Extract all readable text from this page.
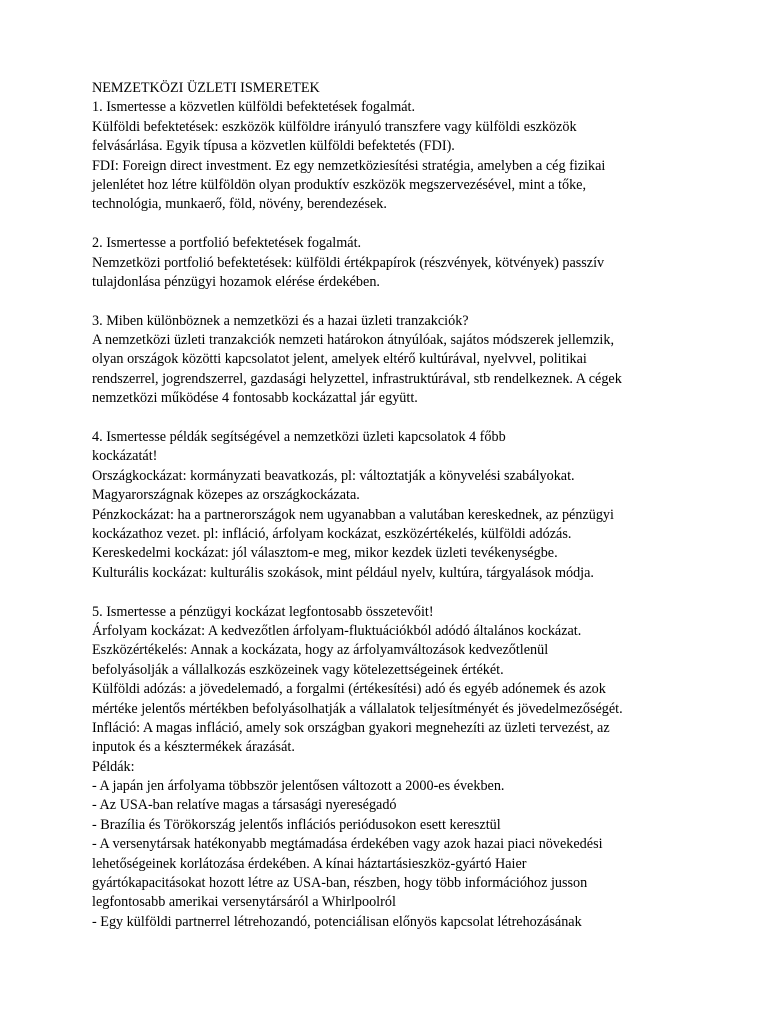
NEMZETKÖZI ÜZLETI ISMERETEK
1. Ismertesse a közvetlen külföldi befektetések fogalmát.
Külföldi befektetések: eszközök külföldre irányuló transzfere vagy külföldi eszközök
felvásárlása. Egyik típusa a közvetlen külföldi befektetés (FDI).
FDI: Foreign direct investment. Ez egy nemzetköziesítési stratégia, amelyben a cég fizikai
jelenlétet hoz létre külföldön olyan produktív eszközök megszervezésével, mint a tőke,
technológia, munkaerő, föld, növény, berendezések.
2. Ismertesse a portfolió befektetések fogalmát.
Nemzetközi portfolió befektetések: külföldi értékpapírok (részvények, kötvények) passzív
tulajdonlása pénzügyi hozamok elérése érdekében.
3. Miben különböznek a nemzetközi és a hazai üzleti tranzakciók?
A nemzetközi üzleti tranzakciók nemzeti határokon átnyúlóak, sajátos módszerek jellemzik,
olyan országok közötti kapcsolatot jelent, amelyek eltérő kultúrával, nyelvvel, politikai
rendszerrel, jogrendszerrel, gazdasági helyzettel, infrastruktúrával, stb rendelkeznek. A cégek
nemzetközi működése 4 fontosabb kockázattal jár együtt.
4. Ismertesse példák segítségével a nemzetközi üzleti kapcsolatok 4 főbb
kockázatát!
Országkockázat: kormányzati beavatkozás, pl: változtatják a könyvelési szabályokat.
Magyarországnak közepes az országkockázata.
Pénzkockázat: ha a partnerországok nem ugyanabban a valutában kereskednek, az pénzügyi
kockázathoz vezet. pl: infláció, árfolyam kockázat, eszközértékelés, külföldi adózás.
Kereskedelmi kockázat: jól választom-e meg, mikor kezdek üzleti tevékenységbe.
Kulturális kockázat: kulturális szokások, mint például nyelv, kultúra, tárgyalások módja.
5. Ismertesse a pénzügyi kockázat legfontosabb összetevőit!
Árfolyam kockázat: A kedvezőtlen árfolyam-fluktuációkból adódó általános kockázat.
Eszközértékelés: Annak a kockázata, hogy az árfolyamváltozások kedvezőtlenül
befolyásolják a vállalkozás eszközeinek vagy kötelezettségeinek értékét.
Külföldi adózás: a jövedelemadó, a forgalmi (értékesítési) adó és egyéb adónemek és azok
mértéke jelentős mértékben befolyásolhatják a vállalatok teljesítményét és jövedelmezőségét.
Infláció: A magas infláció, amely sok országban gyakori megnehezíti az üzleti tervezést, az
inputok és a késztermékek árazását.
Példák:
- A japán jen árfolyama többször jelentősen változott a 2000-es években.
- Az USA-ban relatíve magas a társasági nyereségadó
- Brazília és Törökország jelentős inflációs periódusokon esett keresztül
- A versenytársak hatékonyabb megtámadása érdekében vagy azok hazai piaci növekedési
lehetőségeinek korlátozása érdekében. A kínai háztartásieszköz-gyártó Haier
gyártókapacitásokat hozott létre az USA-ban, részben, hogy több információhoz jusson
legfontosabb amerikai versenytársáról a Whirlpoolról
- Egy külföldi partnerrel létrehozandó, potenciálisan előnyös kapcsolat létrehozásának
